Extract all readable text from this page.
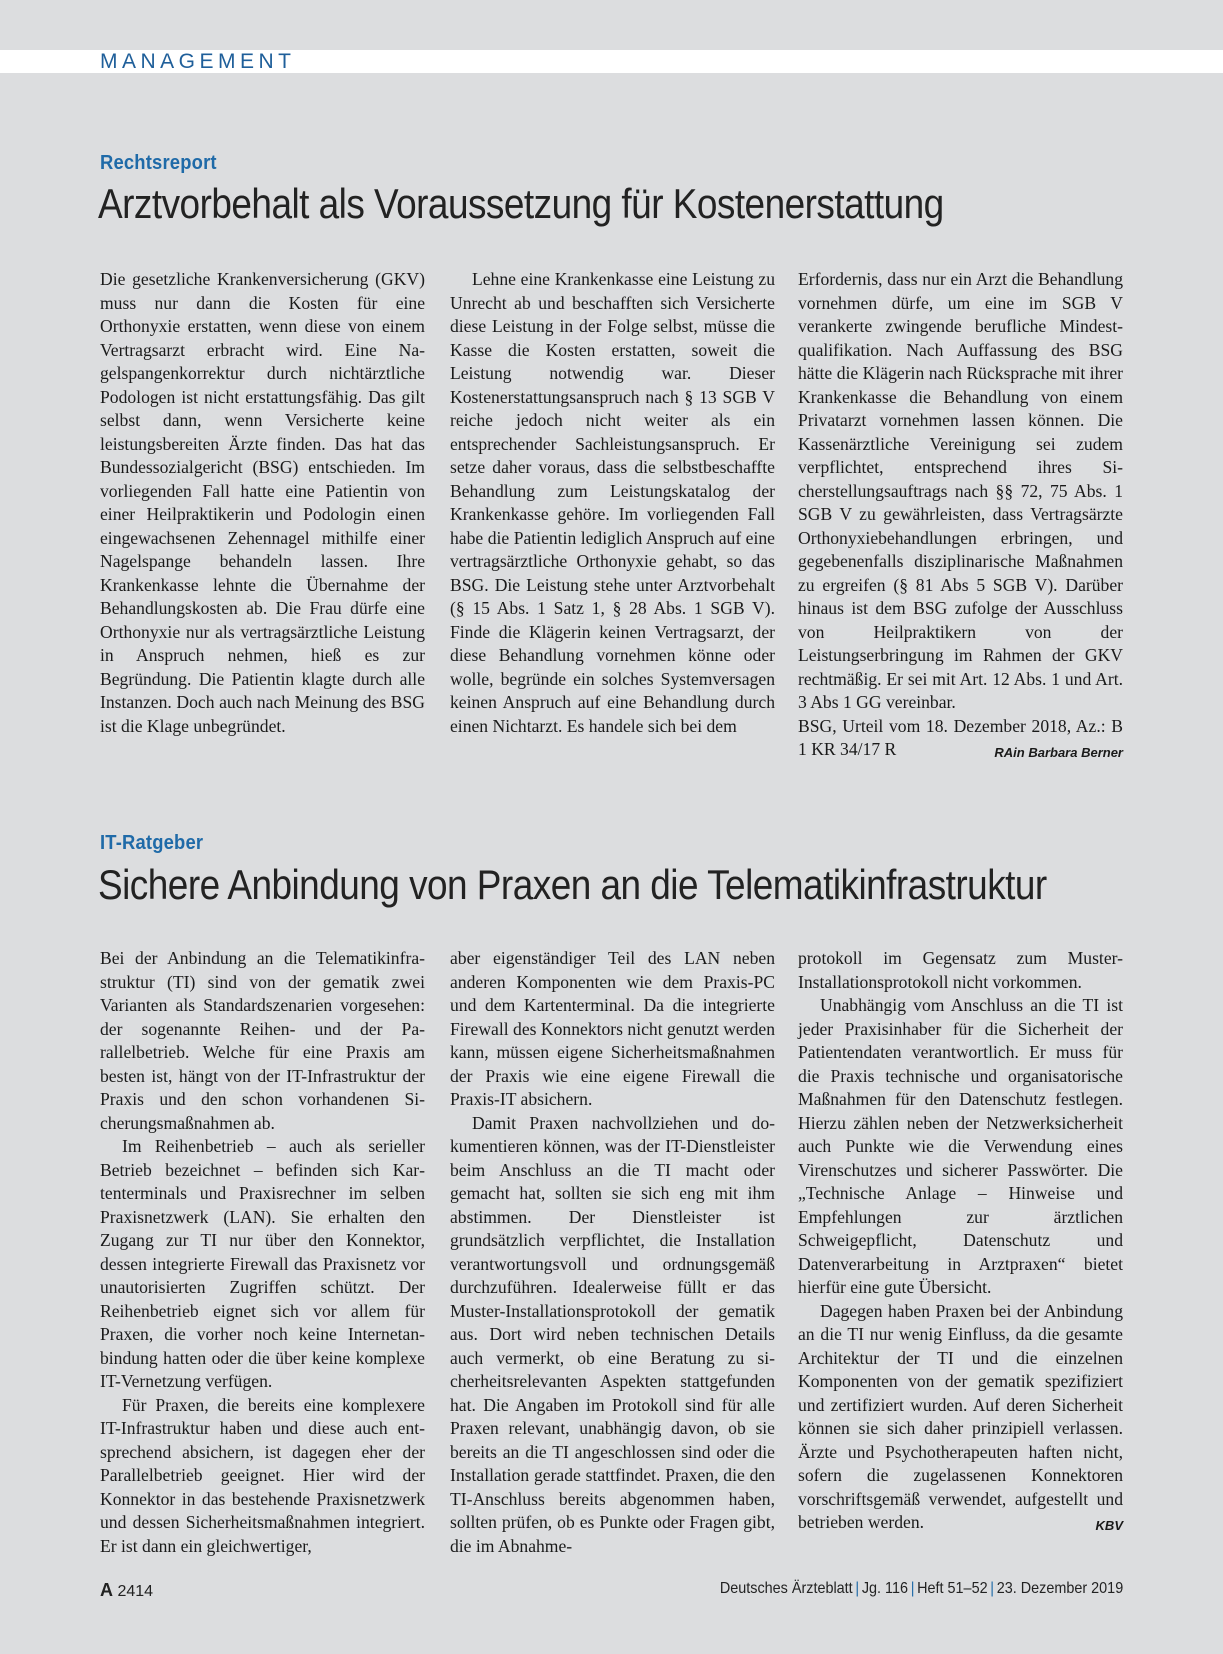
MANAGEMENT
Rechtsreport
Arztvorbehalt als Voraussetzung für Kostenerstattung

Die gesetzliche Krankenversicherung (GKV) muss nur dann die Kosten für eine Orthonyxie erstatten, wenn diese von einem Vertragsarzt erbracht wird. Eine Nagelspangenkorrektur durch nichtärztliche Podologen ist nicht erstattungsfähig. Das gilt selbst dann, wenn Versicherte keine leistungsbereiten Ärzte finden. Das hat das Bundessozialgericht (BSG) entschieden. Im vorliegenden Fall hatte eine Patientin von einer Heilpraktikerin und Podologin einen eingewachsenen Zehennagel mithilfe einer Nagelspange behandeln lassen. Ihre Krankenkasse lehnte die Übernahme der Behandlungskosten ab. Die Frau dürfe eine Orthonyxie nur als vertragsärztliche Leistung in Anspruch nehmen, hieß es zur Begründung. Die Patientin klagte durch alle Instanzen. Doch auch nach Meinung des BSG ist die Klage unbegründet.

Lehne eine Krankenkasse eine Leistung zu Unrecht ab und beschafften sich Versicherte diese Leistung in der Folge selbst, müsse die Kasse die Kosten erstatten, soweit die Leistung notwendig war. Dieser Kostenerstattungsanspruch nach § 13 SGB V reiche jedoch nicht weiter als ein entsprechender Sachleistungsanspruch. Er setze daher voraus, dass die selbstbeschaffte Behandlung zum Leistungskatalog der Krankenkasse gehöre. Im vorliegenden Fall habe die Patientin lediglich Anspruch auf eine vertragsärztliche Orthonyxie gehabt, so das BSG. Die Leistung stehe unter Arztvorbehalt (§ 15 Abs. 1 Satz 1, § 28 Abs. 1 SGB V). Finde die Klägerin keinen Vertragsarzt, der diese Behandlung vornehmen könne oder wolle, begründe ein solches Systemversagen keinen Anspruch auf eine Behandlung durch einen Nichtarzt. Es handele sich bei dem

Erfordernis, dass nur ein Arzt die Behandlung vornehmen dürfe, um eine im SGB V verankerte zwingende berufliche Mindestqualifikation. Nach Auffassung des BSG hätte die Klägerin nach Rücksprache mit ihrer Krankenkasse die Behandlung von einem Privatarzt vornehmen lassen können. Die Kassenärztliche Vereinigung sei zudem verpflichtet, entsprechend ihres Sicherstellungsauftrags nach §§ 72, 75 Abs. 1 SGB V zu gewährleisten, dass Vertragsärzte Orthonyxiebehandlungen erbringen, und gegebenenfalls disziplinarische Maßnahmen zu ergreifen (§ 81 Abs 5 SGB V). Darüber hinaus ist dem BSG zufolge der Ausschluss von Heilpraktikern von der Leistungserbringung im Rahmen der GKV rechtmäßig. Er sei mit Art. 12 Abs. 1 und Art. 3 Abs 1 GG vereinbar.

BSG, Urteil vom 18. Dezember 2018, Az.: B 1 KR 34/17 R	RAin Barbara Berner

IT-Ratgeber
Sichere Anbindung von Praxen an die Telematikinfrastruktur

Bei der Anbindung an die Telematikinfrastruktur (TI) sind von der gematik zwei Varianten als Standardszenarien vorgesehen: der sogenannte Reihen- und der Parallelbetrieb. Welche für eine Praxis am besten ist, hängt von der IT-Infrastruktur der Praxis und den schon vorhandenen Sicherungsmaßnahmen ab.

Im Reihenbetrieb – auch als serieller Betrieb bezeichnet – befinden sich Kartenterminals und Praxisrechner im selben Praxisnetzwerk (LAN). Sie erhalten den Zugang zur TI nur über den Konnektor, dessen integrierte Firewall das Praxisnetz vor unautorisierten Zugriffen schützt. Der Reihenbetrieb eignet sich vor allem für Praxen, die vorher noch keine Internetanbindung hatten oder die über keine komplexe IT-Vernetzung verfügen.

Für Praxen, die bereits eine komplexere IT-Infrastruktur haben und diese auch entsprechend absichern, ist dagegen eher der Parallelbetrieb geeignet. Hier wird der Konnektor in das bestehende Praxisnetzwerk und dessen Sicherheitsmaßnahmen integriert. Er ist dann ein gleichwertiger,

aber eigenständiger Teil des LAN neben anderen Komponenten wie dem Praxis-PC und dem Kartenterminal. Da die integrierte Firewall des Konnektors nicht genutzt werden kann, müssen eigene Sicherheitsmaßnahmen der Praxis wie eine eigene Firewall die Praxis-IT absichern.

Damit Praxen nachvollziehen und dokumentieren können, was der IT-Dienstleister beim Anschluss an die TI macht oder gemacht hat, sollten sie sich eng mit ihm abstimmen. Der Dienstleister ist grundsätzlich verpflichtet, die Installation verantwortungsvoll und ordnungsgemäß durchzuführen. Idealerweise füllt er das Muster-Installationsprotokoll der gematik aus. Dort wird neben technischen Details auch vermerkt, ob eine Beratung zu sicherheitsrelevanten Aspekten stattgefunden hat. Die Angaben im Protokoll sind für alle Praxen relevant, unabhängig davon, ob sie bereits an die TI angeschlossen sind oder die Installation gerade stattfindet. Praxen, die den TI-Anschluss bereits abgenommen haben, sollten prüfen, ob es Punkte oder Fragen gibt, die im Abnahme-

protokoll im Gegensatz zum Muster-Installationsprotokoll nicht vorkommen.

Unabhängig vom Anschluss an die TI ist jeder Praxisinhaber für die Sicherheit der Patientendaten verantwortlich. Er muss für die Praxis technische und organisatorische Maßnahmen für den Datenschutz festlegen. Hierzu zählen neben der Netzwerksicherheit auch Punkte wie die Verwendung eines Virenschutzes und sicherer Passwörter. Die „Technische Anlage – Hinweise und Empfehlungen zur ärztlichen Schweigepflicht, Datenschutz und Datenverarbeitung in Arztpraxen“ bietet hierfür eine gute Übersicht.

Dagegen haben Praxen bei der Anbindung an die TI nur wenig Einfluss, da die gesamte Architektur der TI und die einzelnen Komponenten von der gematik spezifiziert und zertifiziert wurden. Auf deren Sicherheit können sie sich daher prinzipiell verlassen. Ärzte und Psychotherapeuten haften nicht, sofern die zugelassenen Konnektoren vorschriftsgemäß verwendet, aufgestellt und betrieben werden.	KBV

A 2414	Deutsches Ärzteblatt | Jg. 116 | Heft 51–52 | 23. Dezember 2019
